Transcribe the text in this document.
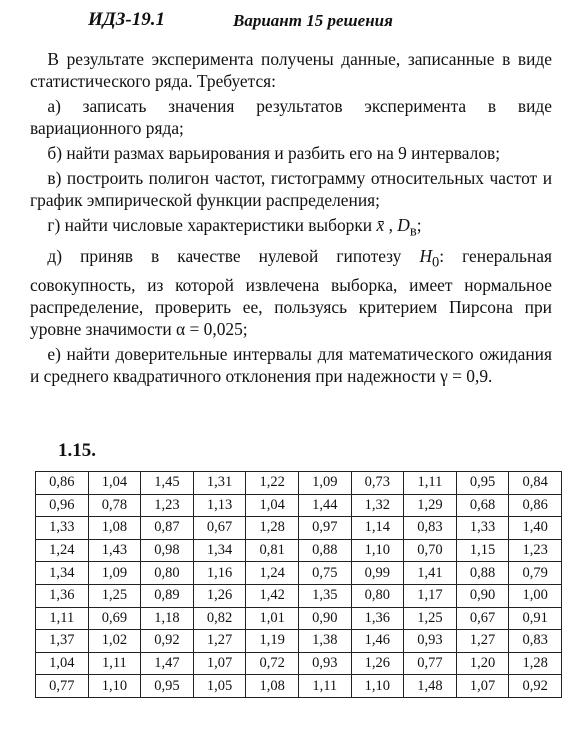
ИДЗ-19.1	Вариант 15 решения

В результате эксперимента получены данные, записанные в виде статистического ряда. Требуется:

а) записать значения результатов эксперимента в виде вариационного ряда;

б) найти размах варьирования и разбить его на 9 интервалов;

в) построить полигон частот, гистограмму относительных частот и график эмпирической функции распределения;

г) найти числовые характеристики выборки x̄ , $D_в$;

д) приняв в качестве нулевой гипотезу $H_0$: генеральная совокупность, из которой извлечена выборка, имеет нормальное распределение, проверить ее, пользуясь критерием Пирсона при уровне значимости α = 0,025;

е) найти доверительные интервалы для математического ожидания и среднего квадратичного отклонения при надежности γ = 0,9.

1.15.
0,86	1,04	1,45	1,31	1,22	1,09	0,73	1,11	0,95	0,84
0,96	0,78	1,23	1,13	1,04	1,44	1,32	1,29	0,68	0,86
1,33	1,08	0,87	0,67	1,28	0,97	1,14	0,83	1,33	1,40
1,24	1,43	0,98	1,34	0,81	0,88	1,10	0,70	1,15	1,23
1,34	1,09	0,80	1,16	1,24	0,75	0,99	1,41	0,88	0,79
1,36	1,25	0,89	1,26	1,42	1,35	0,80	1,17	0,90	1,00
1,11	0,69	1,18	0,82	1,01	0,90	1,36	1,25	0,67	0,91
1,37	1,02	0,92	1,27	1,19	1,38	1,46	0,93	1,27	0,83
1,04	1,11	1,47	1,07	0,72	0,93	1,26	0,77	1,20	1,28
0,77	1,10	0,95	1,05	1,08	1,11	1,10	1,48	1,07	0,92
